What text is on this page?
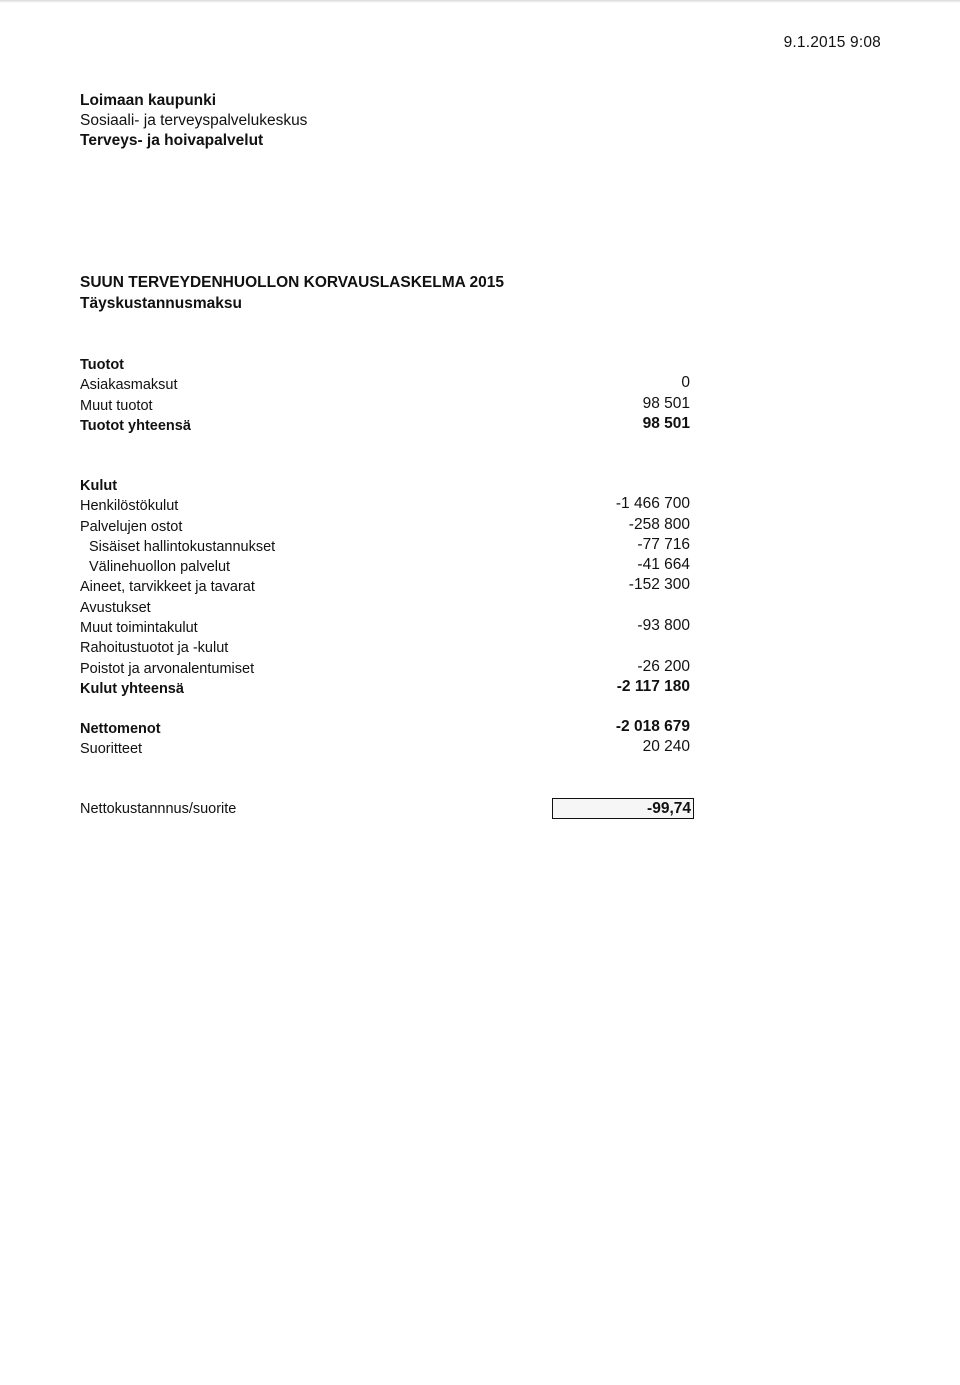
9.1.2015 9:08
Loimaan kaupunki
Sosiaali- ja terveyspalvelukeskus
Terveys- ja hoivapalvelut
SUUN TERVEYDENHUOLLON KORVAUSLASKELMA 2015
Täyskustannusmaksu
Tuotot
Asiakasmaksut	0
Muut tuotot	98 501
Tuotot yhteensä	98 501
Kulut
Henkilöstökulut	-1 466 700
Palvelujen ostot	-258 800
Sisäiset hallintokustannukset	-77 716
Välinehuollon palvelut	-41 664
Aineet, tarvikkeet ja tavarat	-152 300
Avustukset
Muut toimintakulut	-93 800
Rahoitustuotot ja -kulut
Poistot ja arvonalentumiset	-26 200
Kulut yhteensä	-2 117 180
Nettomenot	-2 018 679
Suoritteet	20 240
Nettokustannnus/suorite	-99,74
